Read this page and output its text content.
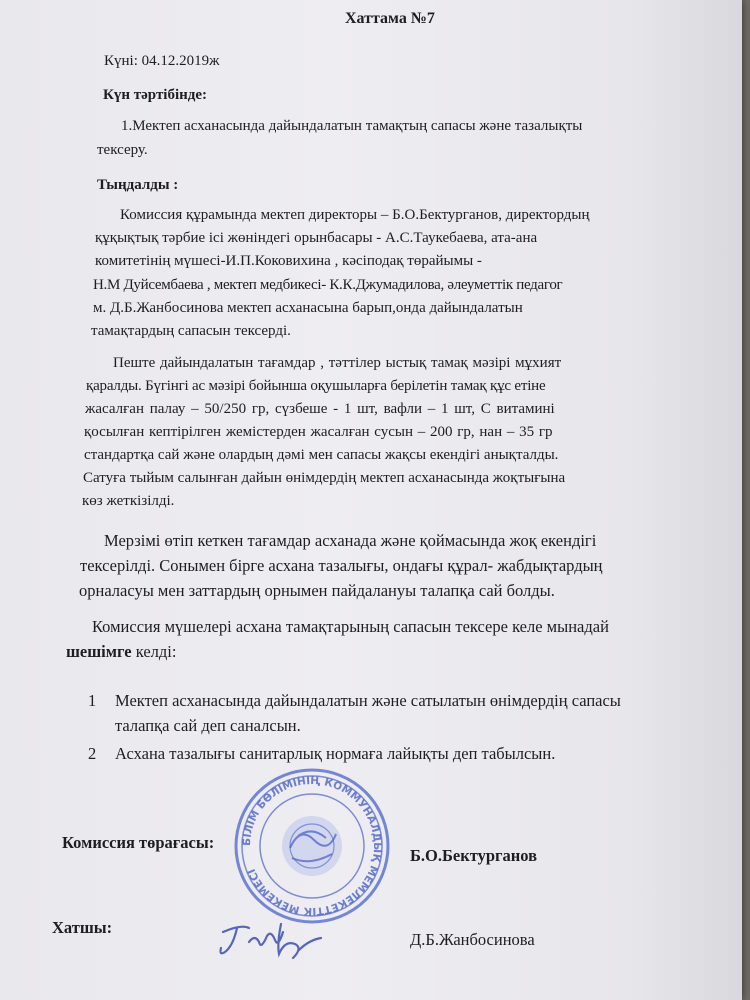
Хаттама №7
Күні: 04.12.2019ж
Күн тәртібінде:
1.Мектеп асханасында дайындалатын тамақтың сапасы және тазалықты
тексеру.
Тыңдалды :
Комиссия құрамында мектеп директоры – Б.О.Бектурганов, директордың
құқықтық тәрбие ісі жөніндегі орынбасары - А.С.Таукебаева, ата-ана
комитетінің мүшесі-И.П.Коковихина , кәсіподақ төрайымы -
Н.М Дуйсембаева , мектеп медбикесі- К.К.Джумадилова, әлеуметтік педагог
м. Д.Б.Жанбосинова мектеп асханасына барып,онда дайындалатын
тамақтардың сапасын тексерді.
Пеште дайындалатын тағамдар , тәттілер ыстық тамақ мәзірі мұхият
қаралды. Бүгінгі ас мәзірі бойынша оқушыларға берілетін тамақ құс етіне
жасалған палау – 50/250 гр, сүзбеше - 1 шт, вафли – 1 шт, С витамині
қосылған кептірілген жемістерден жасалған сусын – 200 гр, нан – 35 гр
стандартқа сай және олардың дәмі мен сапасы жақсы екендігі анықталды.
Сатуға тыйым салынған дайын өнімдердің мектеп асханасында жоқтығына
көз жеткізілді.
Мерзімі өтіп кеткен тағамдар асханада және қоймасында жоқ екендігі
тексерілді. Сонымен бірге асхана тазалығы, ондағы құрал- жабдықтардың
орналасуы мен заттардың орнымен пайдалануы талапқа сай болды.
Комиссия мүшелері асхана тамақтарының сапасын тексере келе мынадай
шешімге келді:
1 Мектеп асханасында дайындалатын және сатылатын өнімдердің сапасы
талапқа сай деп саналсын.
2 Асхана тазалығы санитарлық нормаға лайықты деп табылсын.
Комиссия төрағасы:
Б.О.Бектурганов
Хатшы:
Д.Б.Жанбосинова
БІЛІМ БӨЛІМІНІҢ КОММУНАЛДЫҚ МЕМЛЕКЕТТІК МЕКЕМЕСІ
